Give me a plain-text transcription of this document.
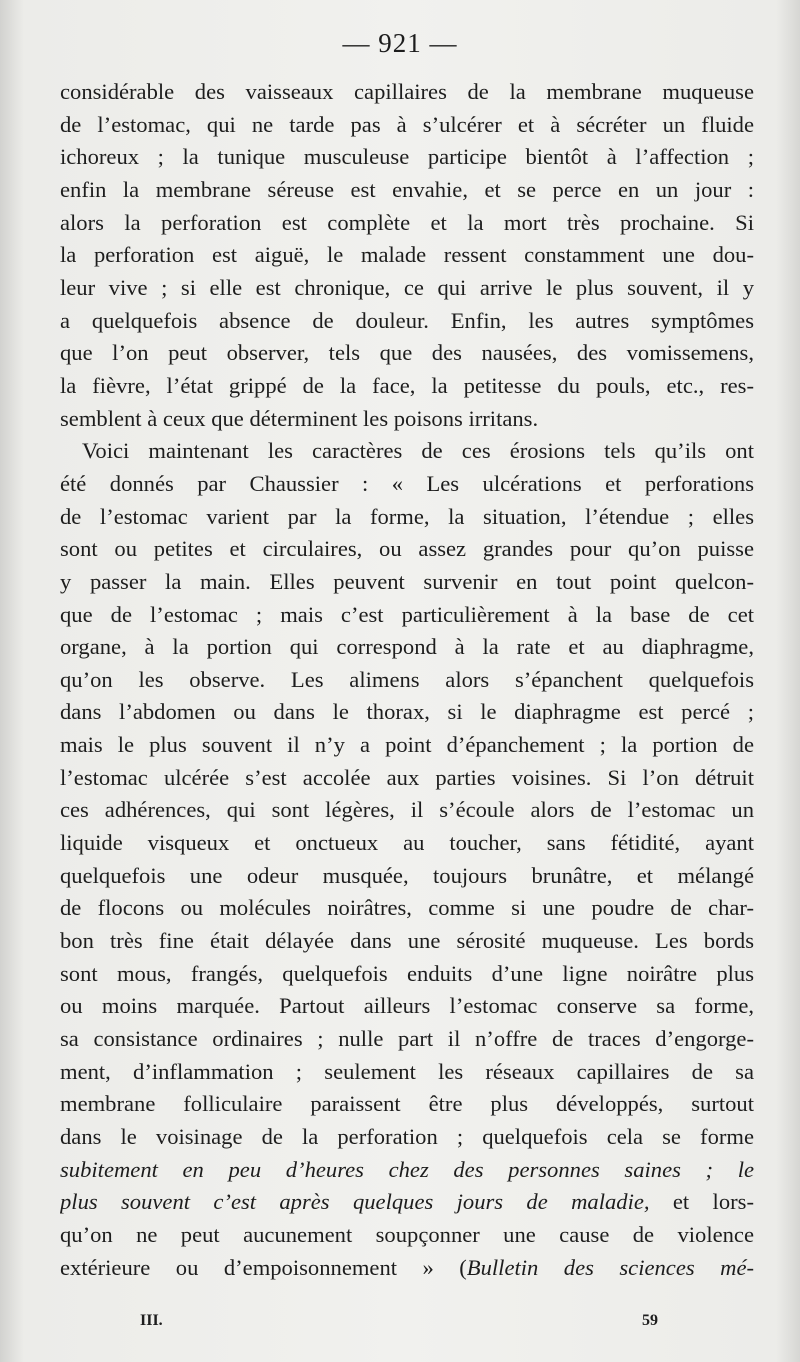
— 921 —
considérable des vaisseaux capillaires de la membrane muqueuse
de l’estomac, qui ne tarde pas à s’ulcérer et à sécréter un fluide
ichoreux ; la tunique musculeuse participe bientôt à l’affection ;
enfin la membrane séreuse est envahie, et se perce en un jour :
alors la perforation est complète et la mort très prochaine. Si
la perforation est aiguë, le malade ressent constamment une dou-
leur vive ; si elle est chronique, ce qui arrive le plus souvent, il y
a quelquefois absence de douleur. Enfin, les autres symptômes
que l’on peut observer, tels que des nausées, des vomissemens,
la fièvre, l’état grippé de la face, la petitesse du pouls, etc., res-
semblent à ceux que déterminent les poisons irritans.
Voici maintenant les caractères de ces érosions tels qu’ils ont
été donnés par Chaussier : « Les ulcérations et perforations
de l’estomac varient par la forme, la situation, l’étendue ; elles
sont ou petites et circulaires, ou assez grandes pour qu’on puisse
y passer la main. Elles peuvent survenir en tout point quelcon-
que de l’estomac ; mais c’est particulièrement à la base de cet
organe, à la portion qui correspond à la rate et au diaphragme,
qu’on les observe. Les alimens alors s’épanchent quelquefois
dans l’abdomen ou dans le thorax, si le diaphragme est percé ;
mais le plus souvent il n’y a point d’épanchement ; la portion de
l’estomac ulcérée s’est accolée aux parties voisines. Si l’on détruit
ces adhérences, qui sont légères, il s’écoule alors de l’estomac un
liquide visqueux et onctueux au toucher, sans fétidité, ayant
quelquefois une odeur musquée, toujours brunâtre, et mélangé
de flocons ou molécules noirâtres, comme si une poudre de char-
bon très fine était délayée dans une sérosité muqueuse. Les bords
sont mous, frangés, quelquefois enduits d’une ligne noirâtre plus
ou moins marquée. Partout ailleurs l’estomac conserve sa forme,
sa consistance ordinaires ; nulle part il n’offre de traces d’engorge-
ment, d’inflammation ; seulement les réseaux capillaires de sa
membrane folliculaire paraissent être plus développés, surtout
dans le voisinage de la perforation ; quelquefois cela se forme
subitement en peu d’heures chez des personnes saines ; le
plus souvent c’est après quelques jours de maladie, et lors-
qu’on ne peut aucunement soupçonner une cause de violence
extérieure ou d’empoisonnement » (Bulletin des sciences mé-
III.	59
